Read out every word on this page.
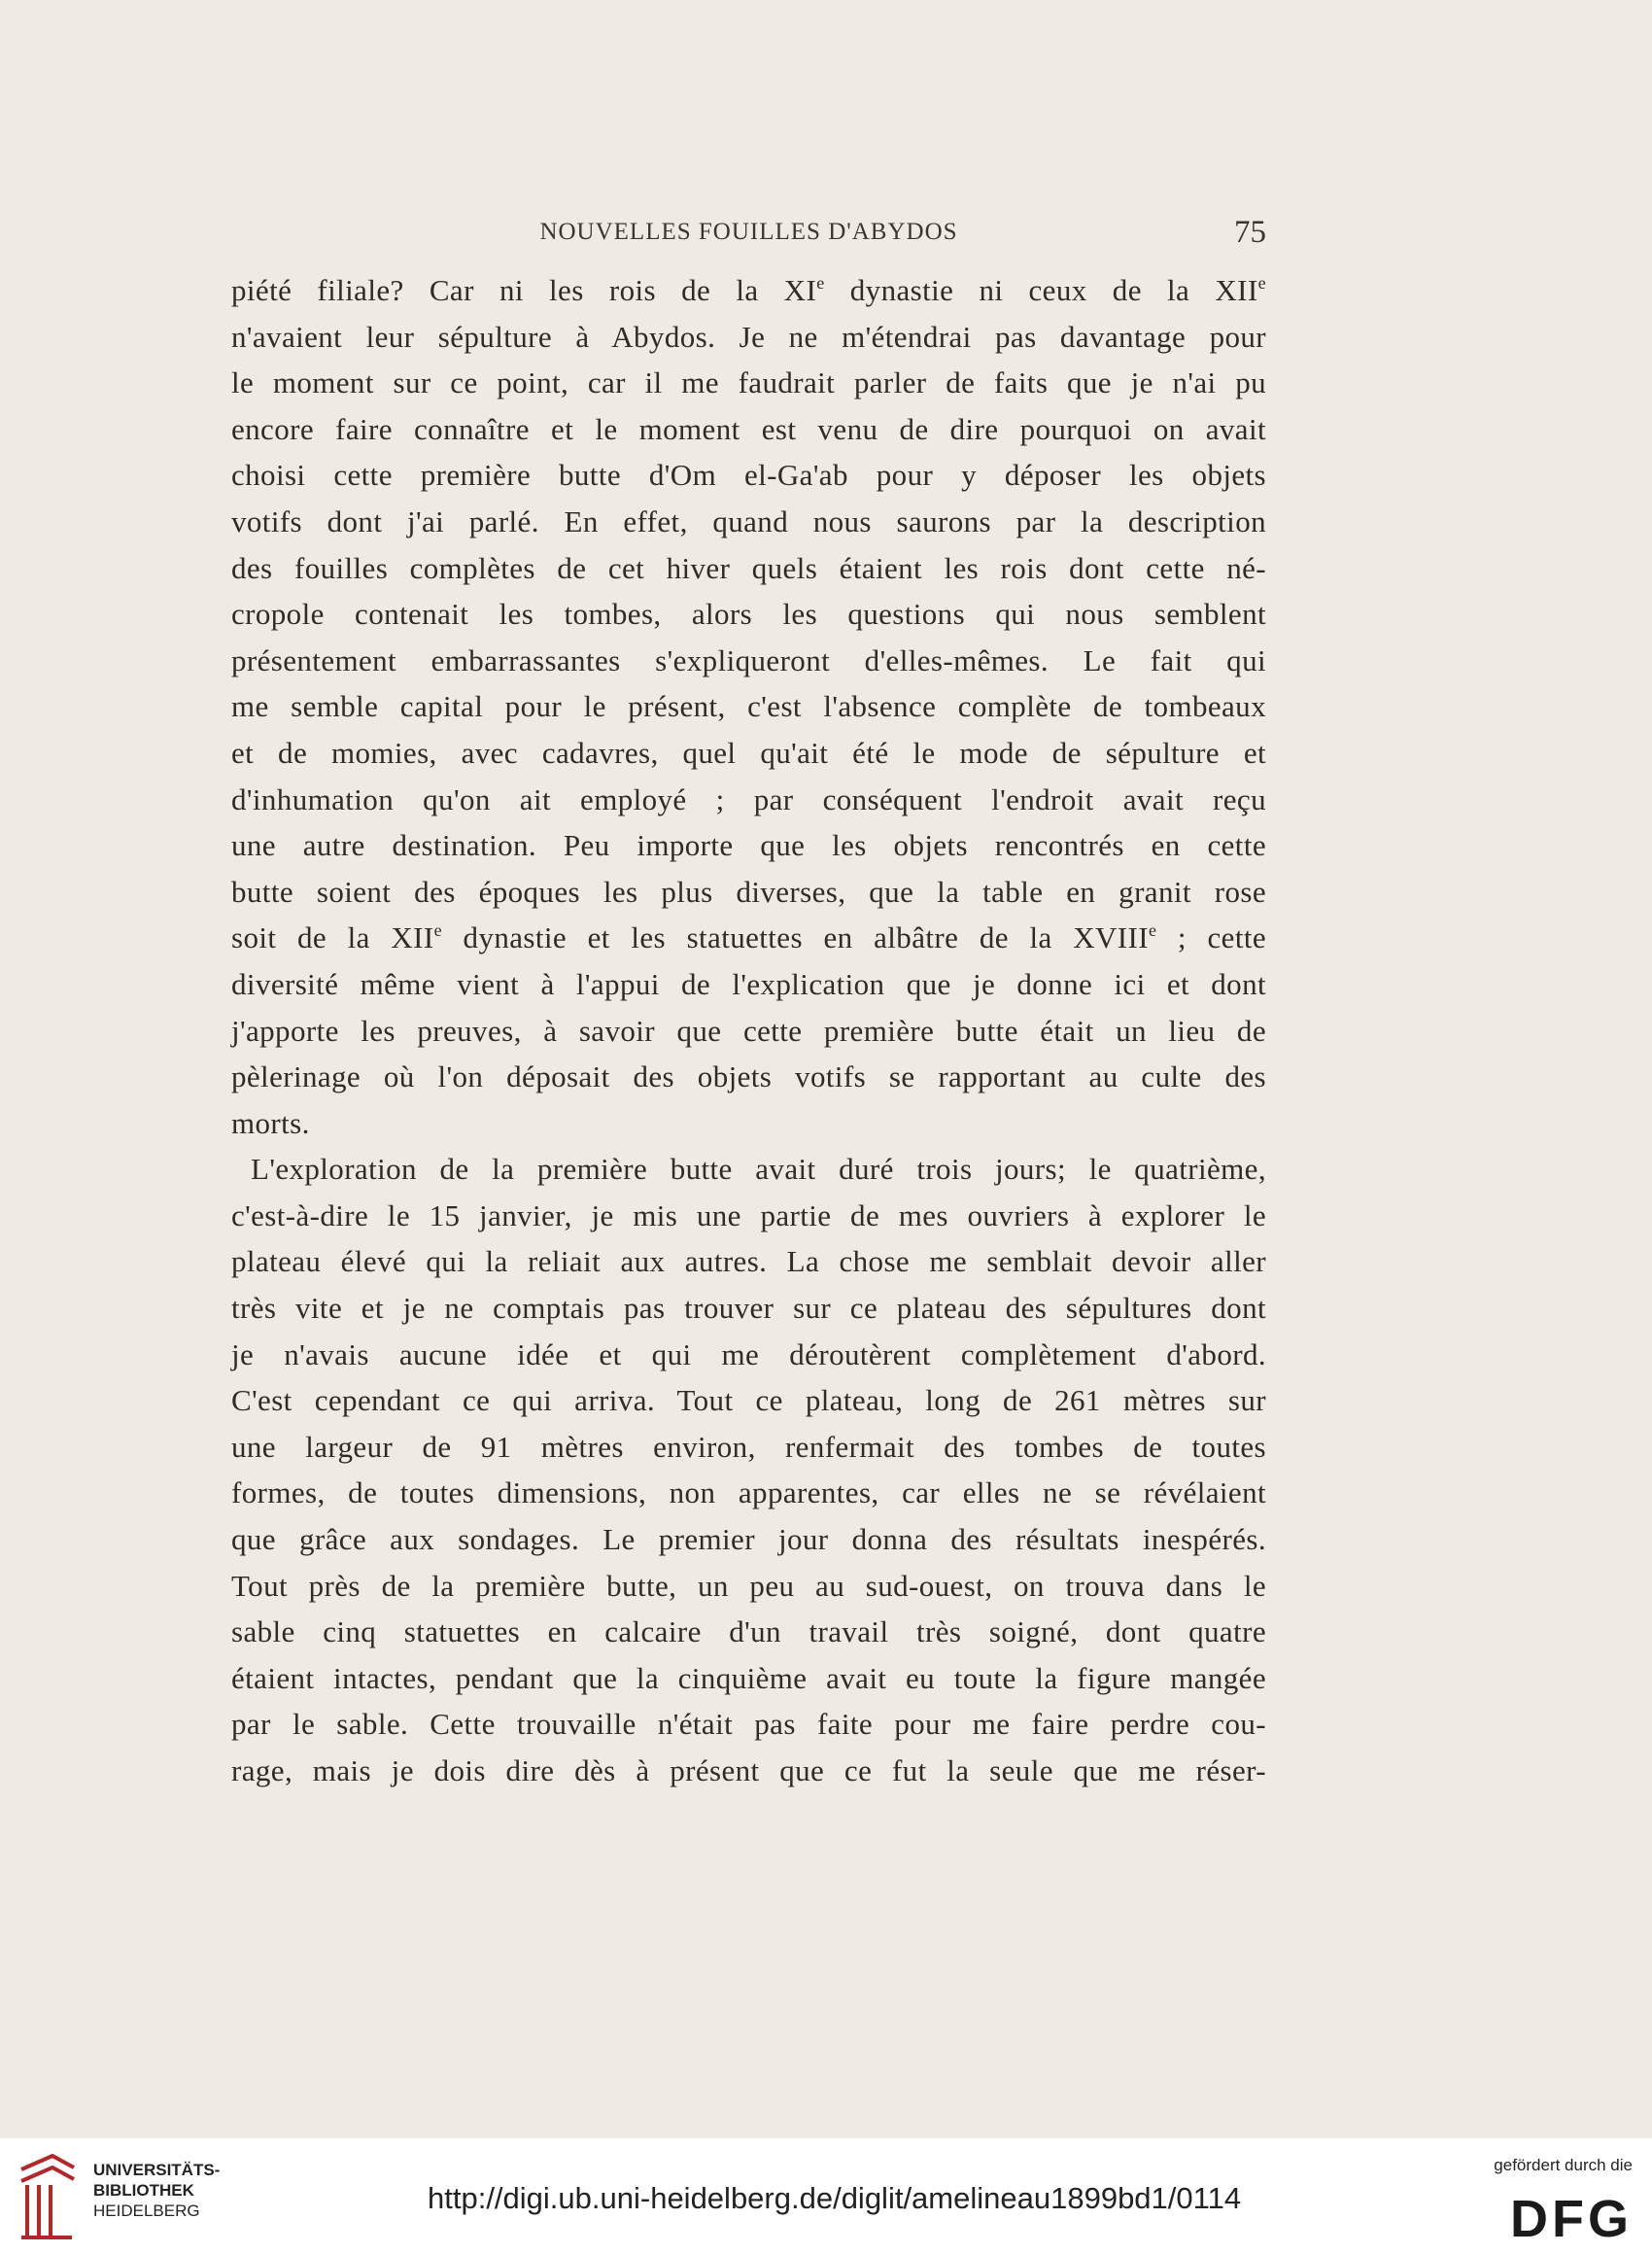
NOUVELLES FOUILLES D'ABYDOS	75
piété filiale? Car ni les rois de la XIe dynastie ni ceux de la XIIe
n'avaient leur sépulture à Abydos. Je ne m'étendrai pas davantage pour
le moment sur ce point, car il me faudrait parler de faits que je n'ai pu
encore faire connaître et le moment est venu de dire pourquoi on avait
choisi cette première butte d'Om el-Ga'ab pour y déposer les objets
votifs dont j'ai parlé. En effet, quand nous saurons par la description
des fouilles complètes de cet hiver quels étaient les rois dont cette né-
cropole contenait les tombes, alors les questions qui nous semblent
présentement embarrassantes s'expliqueront d'elles-mêmes. Le fait qui
me semble capital pour le présent, c'est l'absence complète de tombeaux
et de momies, avec cadavres, quel qu'ait été le mode de sépulture et
d'inhumation qu'on ait employé ; par conséquent l'endroit avait reçu
une autre destination. Peu importe que les objets rencontrés en cette
butte soient des époques les plus diverses, que la table en granit rose
soit de la XIIe dynastie et les statuettes en albâtre de la XVIIIe ; cette
diversité même vient à l'appui de l'explication que je donne ici et dont
j'apporte les preuves, à savoir que cette première butte était un lieu de
pèlerinage où l'on déposait des objets votifs se rapportant au culte des
morts.
L'exploration de la première butte avait duré trois jours; le quatrième,
c'est-à-dire le 15 janvier, je mis une partie de mes ouvriers à explorer le
plateau élevé qui la reliait aux autres. La chose me semblait devoir aller
très vite et je ne comptais pas trouver sur ce plateau des sépultures dont
je n'avais aucune idée et qui me déroutèrent complètement d'abord.
C'est cependant ce qui arriva. Tout ce plateau, long de 261 mètres sur
une largeur de 91 mètres environ, renfermait des tombes de toutes
formes, de toutes dimensions, non apparentes, car elles ne se révélaient
que grâce aux sondages. Le premier jour donna des résultats inespérés.
Tout près de la première butte, un peu au sud-ouest, on trouva dans le
sable cinq statuettes en calcaire d'un travail très soigné, dont quatre
étaient intactes, pendant que la cinquième avait eu toute la figure mangée
par le sable. Cette trouvaille n'était pas faite pour me faire perdre cou-
rage, mais je dois dire dès à présent que ce fut la seule que me réser-
UNIVERSITÄTS-
BIBLIOTHEK
HEIDELBERG	http://digi.ub.uni-heidelberg.de/diglit/amelineau1899bd1/0114
gefördert durch die
DFG
